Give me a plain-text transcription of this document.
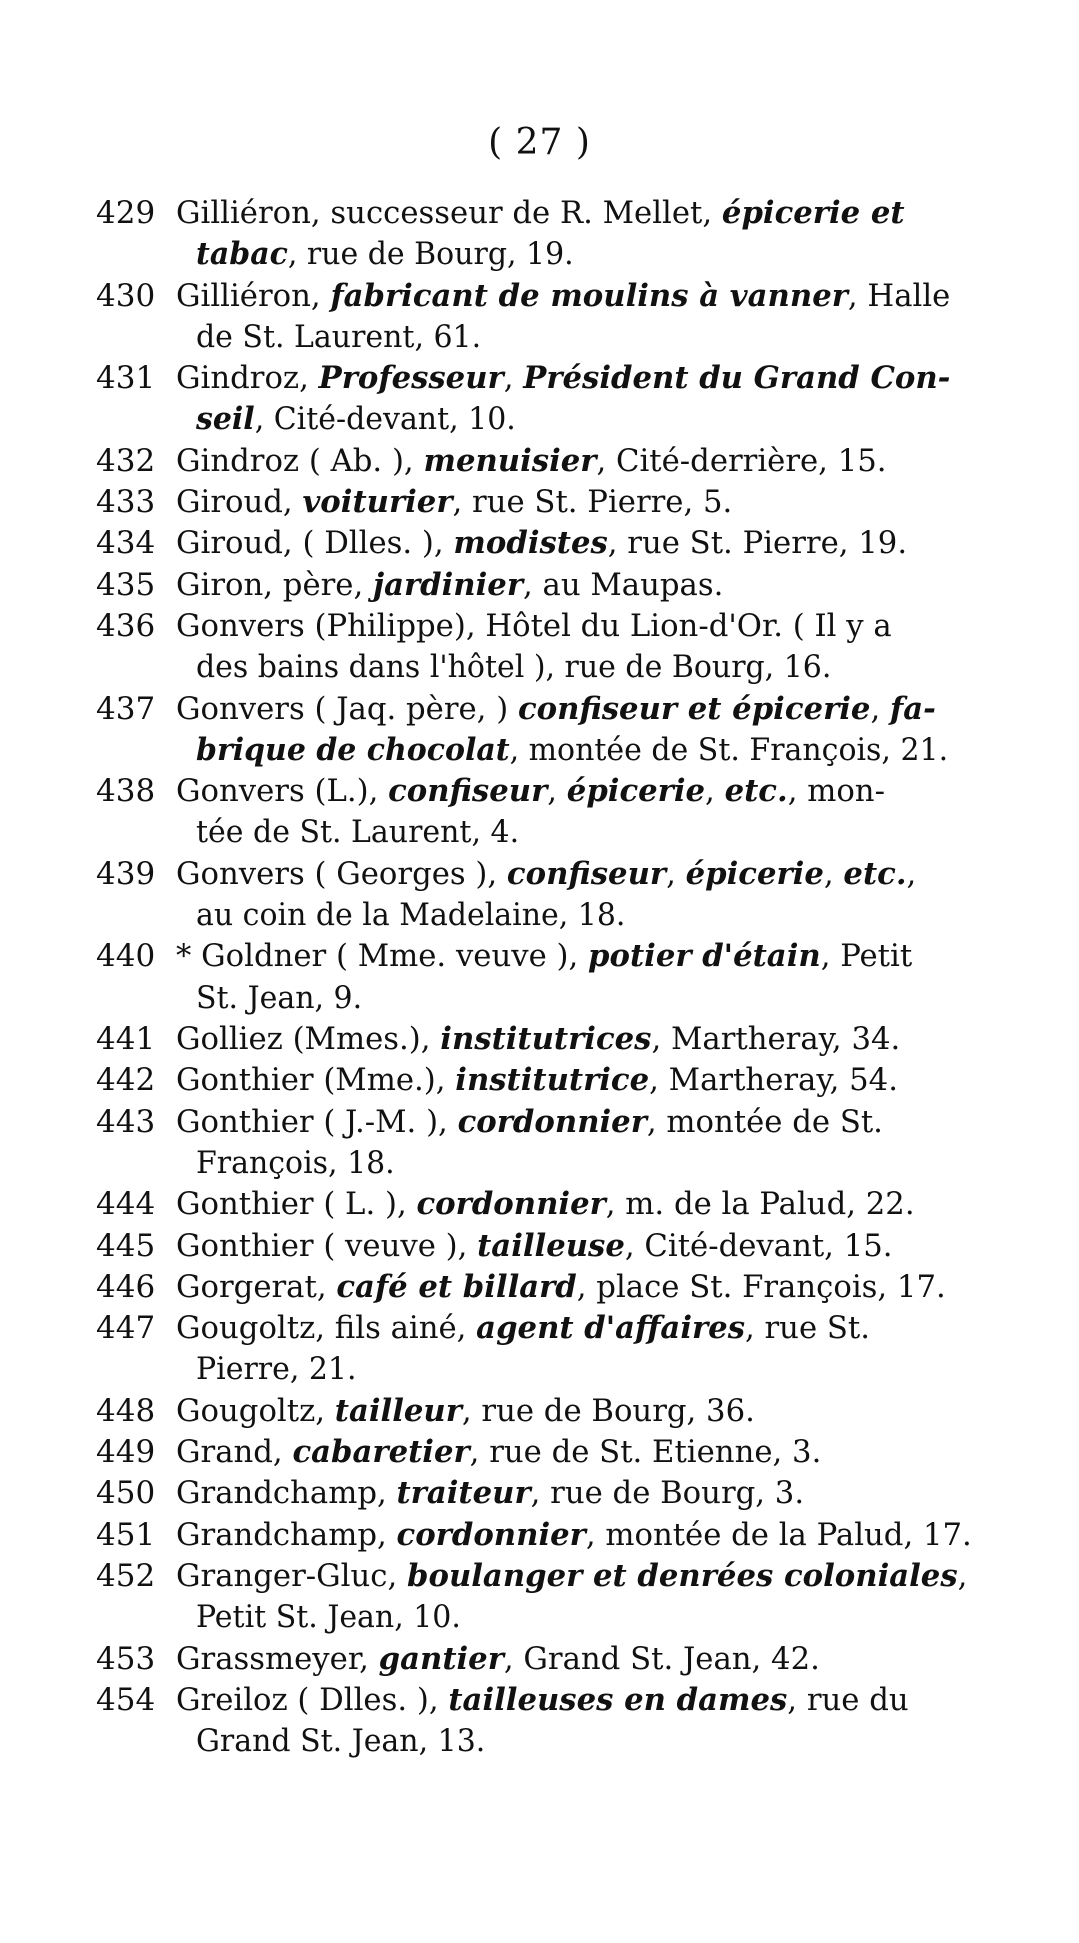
( 27 )
429 Gilliéron, successeur de R. Mellet, épicerie et
tabac, rue de Bourg, 19.
430 Gilliéron, fabricant de moulins à vanner, Halle
de St. Laurent, 61.
431 Gindroz, Professeur, Président du Grand Con-
seil, Cité-devant, 10.
432 Gindroz ( Ab. ), menuisier, Cité-derrière, 15.
433 Giroud, voiturier, rue St. Pierre, 5.
434 Giroud, ( Dlles. ), modistes, rue St. Pierre, 19.
435 Giron, père, jardinier, au Maupas.
436 Gonvers (Philippe), Hôtel du Lion-d'Or. ( Il y a
des bains dans l'hôtel ), rue de Bourg, 16.
437 Gonvers ( Jaq. père, ) confiseur et épicerie, fa-
brique de chocolat, montée de St. François, 21.
438 Gonvers (L.), confiseur, épicerie, etc., mon-
tée de St. Laurent, 4.
439 Gonvers ( Georges ), confiseur, épicerie, etc.,
au coin de la Madelaine, 18.
440 * Goldner ( Mme. veuve ), potier d'étain, Petit
St. Jean, 9.
441 Golliez (Mmes.), institutrices, Martheray, 34.
442 Gonthier (Mme.), institutrice, Martheray, 54.
443 Gonthier ( J.-M. ), cordonnier, montée de St.
François, 18.
444 Gonthier ( L. ), cordonnier, m. de la Palud, 22.
445 Gonthier ( veuve ), tailleuse, Cité-devant, 15.
446 Gorgerat, café et billard, place St. François, 17.
447 Gougoltz, fils ainé, agent d'affaires, rue St.
Pierre, 21.
448 Gougoltz, tailleur, rue de Bourg, 36.
449 Grand, cabaretier, rue de St. Etienne, 3.
450 Grandchamp, traiteur, rue de Bourg, 3.
451 Grandchamp, cordonnier, montée de la Palud, 17.
452 Granger-Gluc, boulanger et denrées coloniales,
Petit St. Jean, 10.
453 Grassmeyer, gantier, Grand St. Jean, 42.
454 Greiloz ( Dlles. ), tailleuses en dames, rue du
Grand St. Jean, 13.
